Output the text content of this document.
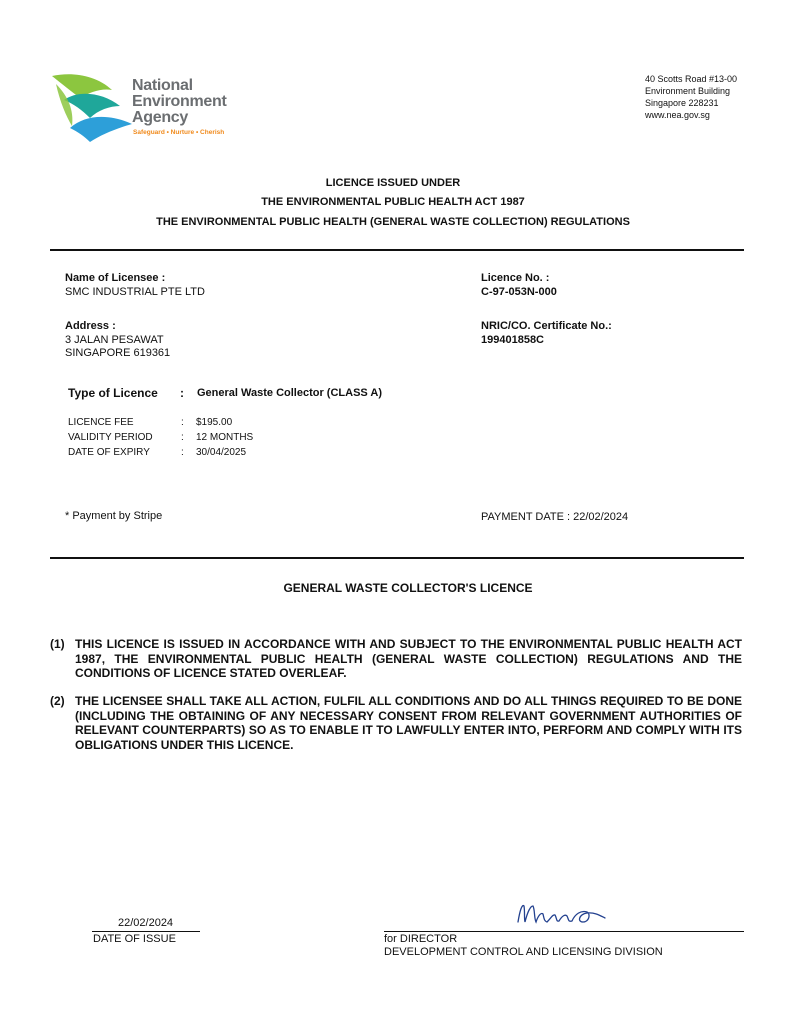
National
Environment
Agency
Safeguard • Nurture • Cherish
40 Scotts Road #13-00
Environment Building
Singapore 228231
www.nea.gov.sg
LICENCE ISSUED UNDER
THE ENVIRONMENTAL PUBLIC HEALTH ACT 1987
THE ENVIRONMENTAL PUBLIC HEALTH (GENERAL WASTE COLLECTION) REGULATIONS
Name of Licensee :
SMC INDUSTRIAL PTE LTD
Address :
3 JALAN PESAWAT
SINGAPORE 619361
Licence No. :
C-97-053N-000
NRIC/CO. Certificate No.:
199401858C
Type of Licence : General Waste Collector (CLASS A)
LICENCE FEE
VALIDITY PERIOD
DATE OF EXPIRY
:
:
:
$195.00
12 MONTHS
30/04/2025
* Payment by Stripe	PAYMENT DATE : 22/02/2024
GENERAL WASTE COLLECTOR'S LICENCE
(1) THIS LICENCE IS ISSUED IN ACCORDANCE WITH AND SUBJECT TO THE ENVIRONMENTAL PUBLIC HEALTH ACT 1987, THE ENVIRONMENTAL PUBLIC HEALTH (GENERAL WASTE COLLECTION) REGULATIONS AND THE CONDITIONS OF LICENCE STATED OVERLEAF.
(2) THE LICENSEE SHALL TAKE ALL ACTION, FULFIL ALL CONDITIONS AND DO ALL THINGS REQUIRED TO BE DONE (INCLUDING THE OBTAINING OF ANY NECESSARY CONSENT FROM RELEVANT GOVERNMENT AUTHORITIES OF RELEVANT COUNTERPARTS) SO AS TO ENABLE IT TO LAWFULLY ENTER INTO, PERFORM AND COMPLY WITH ITS OBLIGATIONS UNDER THIS LICENCE.
22/02/2024
DATE OF ISSUE	for DIRECTOR
DEVELOPMENT CONTROL AND LICENSING DIVISION
